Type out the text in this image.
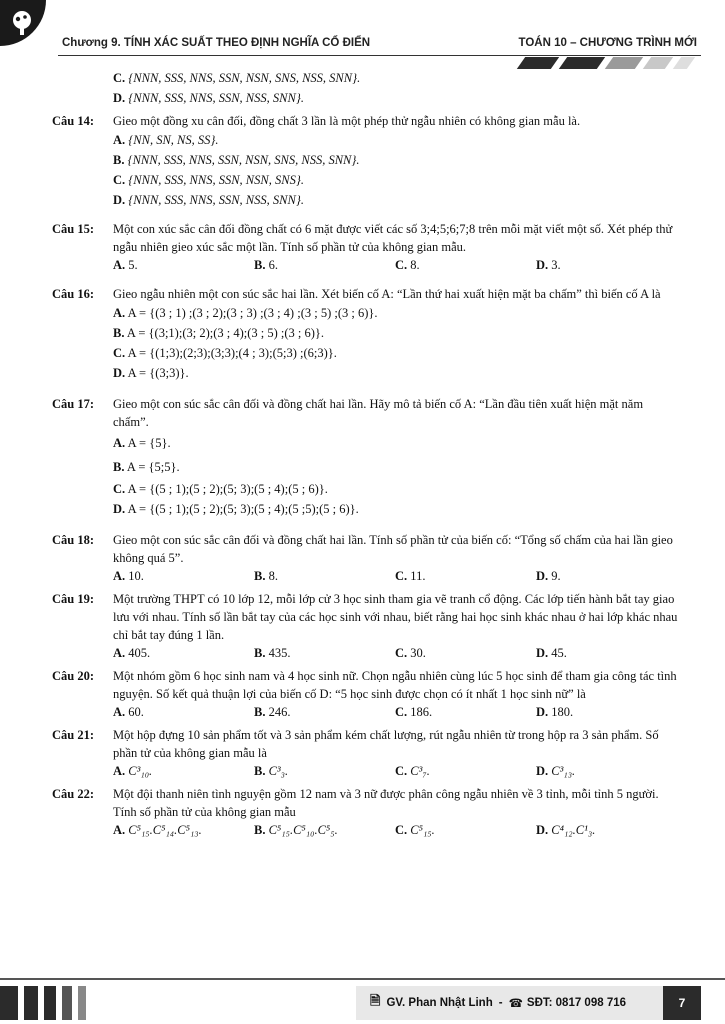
Chương 9. TÍNH XÁC SUẤT THEO ĐỊNH NGHĨA CỔ ĐIỂN	TOÁN 10 – CHƯƠNG TRÌNH MỚI
C. {NNN, SSS, NNS, SSN, NSN, SNS, NSS, SNN}.
D. {NNN, SSS, NNS, SSN, NSS, SNN}.
Câu 14:	Gieo một đồng xu cân đối, đồng chất 3 lần là một phép thử ngẫu nhiên có không gian mẫu là.
A. {NN, SN, NS, SS}.
B. {NNN, SSS, NNS, SSN, NSN, SNS, NSS, SNN}.
C. {NNN, SSS, NNS, SSN, NSN, SNS}.
D. {NNN, SSS, NNS, SSN, NSS, SNN}.
Câu 15:	Một con xúc sắc cân đối đồng chất có 6 mặt được viết các số 3;4;5;6;7;8 trên mỗi mặt viết một số. Xét phép thử ngẫu nhiên gieo xúc sắc một lần. Tính số phần tử của không gian mẫu.
A. 5.	B. 6.	C. 8.	D. 3.
Câu 16:	Gieo ngẫu nhiên một con súc sắc hai lần. Xét biến cố A: “Lần thứ hai xuất hiện mặt ba chấm” thì biến cố A là
A. A = {(3 ; 1) ;(3 ; 2);(3 ; 3) ;(3 ; 4) ;(3 ; 5) ;(3 ; 6)}.
B. A = {(3;1);(3; 2);(3 ; 4);(3 ; 5) ;(3 ; 6)}.
C. A = {(1;3);(2;3);(3;3);(4 ; 3);(5;3) ;(6;3)}.
D. A = {(3;3)}.
Câu 17:	Gieo một con súc sắc cân đối và đồng chất hai lần. Hãy mô tả biến cố A: “Lần đầu tiên xuất hiện mặt năm chấm”.
A. A = {5}.
B. A = {5;5}.
C. A = {(5 ; 1);(5 ; 2);(5; 3);(5 ; 4);(5 ; 6)}.
D. A = {(5 ; 1);(5 ; 2);(5; 3);(5 ; 4);(5 ;5);(5 ; 6)}.
Câu 18:	Gieo một con súc sắc cân đối và đồng chất hai lần. Tính số phần tử của biến cố: “Tổng số chấm của hai lần gieo không quá 5”.
A. 10.	B. 8.	C. 11.	D. 9.
Câu 19:	Một trường THPT có 10 lớp 12, mỗi lớp cử 3 học sinh tham gia vẽ tranh cổ động. Các lớp tiến hành bắt tay giao lưu với nhau. Tính số lần bắt tay của các học sinh với nhau, biết rằng hai học sinh khác nhau ở hai lớp khác nhau chỉ bắt tay đúng 1 lần.
A. 405.	B. 435.	C. 30.	D. 45.
Câu 20:	Một nhóm gồm 6 học sinh nam và 4 học sinh nữ. Chọn ngẫu nhiên cùng lúc 5 học sinh để tham gia công tác tình nguyện. Số kết quả thuận lợi của biến cố D: “5 học sinh được chọn có ít nhất 1 học sinh nữ” là
A. 60.	B. 246.	C. 186.	D. 180.
Câu 21:	Một hộp đựng 10 sản phẩm tốt và 3 sản phẩm kém chất lượng, rút ngẫu nhiên từ trong hộp ra 3 sản phẩm. Số phần tử của không gian mẫu là
A. C³₁₀.	B. C³₃.	C. C³₇.	D. C³₁₃.
Câu 22:	Một đội thanh niên tình nguyện gồm 12 nam và 3 nữ được phân công ngẫu nhiên về 3 tỉnh, mỗi tỉnh 5 người. Tính số phần tử của không gian mẫu
A. C⁵₁₅.C⁵₁₄.C⁵₁₃.	B. C⁵₁₅.C⁵₁₀.C⁵₅.	C. C⁵₁₅.	D. C⁴₁₂.C¹₃.
🗎 GV. Phan Nhật Linh - ☎ SĐT: 0817 098 716	7
